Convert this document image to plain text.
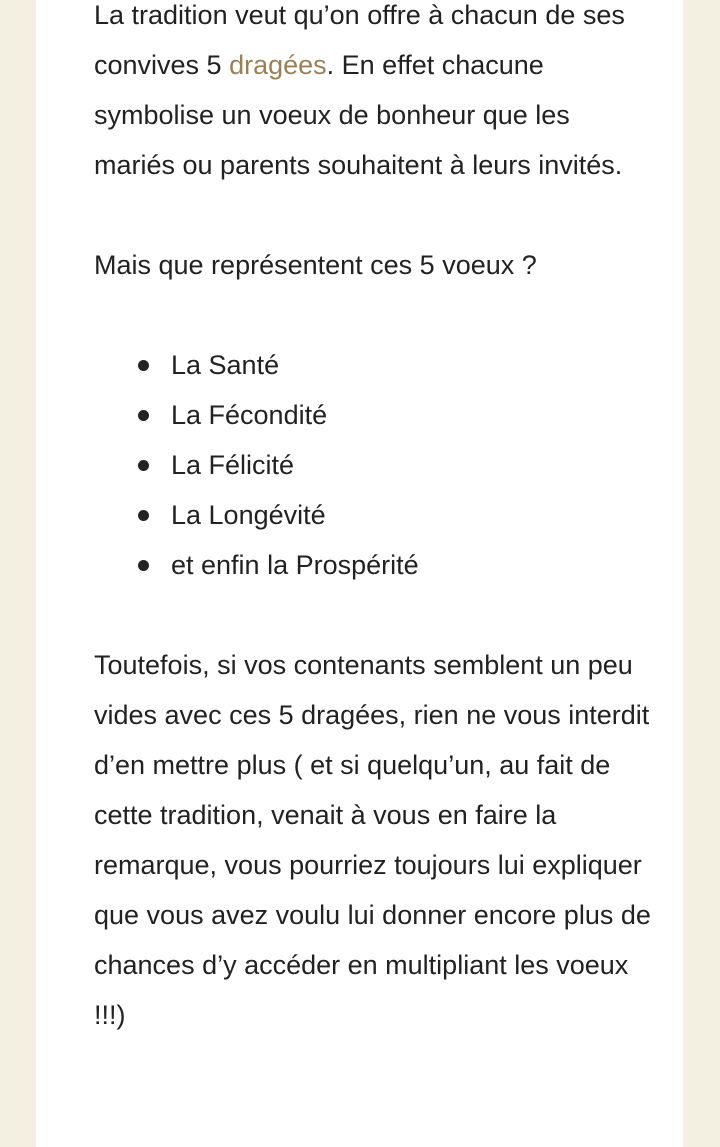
La tradition veut qu’on offre à chacun de ses convives 5 dragées. En effet chacune symbolise un voeux de bonheur que les mariés ou parents souhaitent à leurs invités.

Mais que représentent ces 5 voeux ?

La Santé
La Fécondité
La Félicité
La Longévité
et enfin la Prospérité

Toutefois, si vos contenants semblent un peu vides avec ces 5 dragées, rien ne vous interdit d’en mettre plus ( et si quelqu’un, au fait de cette tradition, venait à vous en faire la remarque, vous pourriez toujours lui expliquer que vous avez voulu lui donner encore plus de chances d’y accéder en multipliant les voeux !!!)
